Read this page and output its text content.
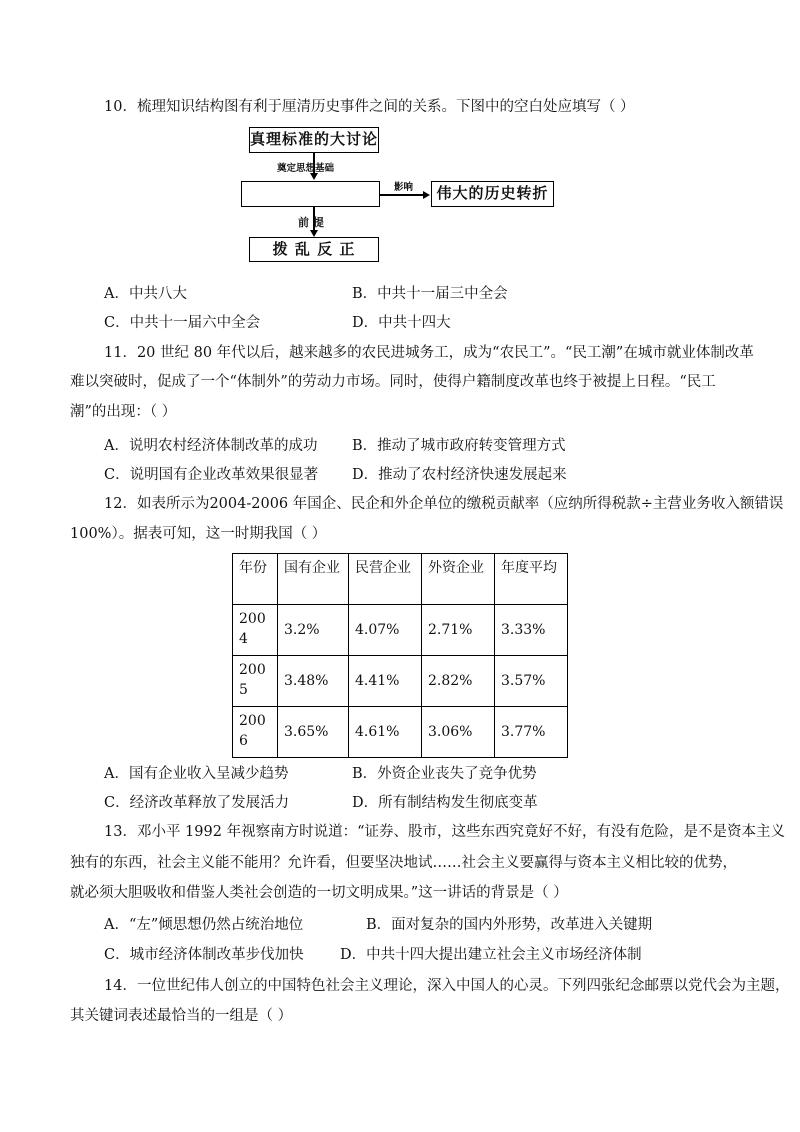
10．梳理知识结构图有利于厘清历史事件之间的关系。下图中的空白处应填写（ ）
真理标准的大讨论
奠定思想基础
影响	伟大的历史转折
前 提
拨 乱 反 正
A．中共八大	B．中共十一届三中全会
C．中共十一届六中全会	D．中共十四大
11．20 世纪 80 年代以后，越来越多的农民进城务工，成为“农民工”。“民工潮”在城市就业体制改革
难以突破时，促成了一个“体制外”的劳动力市场。同时，使得户籍制度改革也终于被提上日程。“民工
潮”的出现：（ ）
A．说明农村经济体制改革的成功 B．推动了城市政府转变管理方式
C．说明国有企业改革效果很显著 D．推动了农村经济快速发展起来
12．如表所示为2004-2006 年国企、民企和外企单位的缴税贡献率（应纳所得税款÷主营业务收入额错误
100%）。据表可知，这一时期我国（ ）
年份	国有企业	民营企业	外资企业	年度平均
2004	3.2%	4.07%	2.71%	3.33%
2005	3.48%	4.41%	2.82%	3.57%
2006	3.65%	4.61%	3.06%	3.77%
A．国有企业收入呈减少趋势	B．外资企业丧失了竞争优势
C．经济改革释放了发展活力	D．所有制结构发生彻底变革
13．邓小平 1992 年视察南方时说道：“证券、股市，这些东西究竟好不好，有没有危险，是不是资本主义
独有的东西，社会主义能不能用？允许看，但要坚决地试……社会主义要赢得与资本主义相比较的优势，
就必须大胆吸收和借鉴人类社会创造的一切文明成果。”这一讲话的背景是（ ）
A．“左”倾思想仍然占统治地位	B．面对复杂的国内外形势，改革进入关键期
C．城市经济体制改革步伐加快	D．中共十四大提出建立社会主义市场经济体制
14．一位世纪伟人创立的中国特色社会主义理论，深入中国人的心灵。下列四张纪念邮票以党代会为主题，
其关键词表述最恰当的一组是（ ）
